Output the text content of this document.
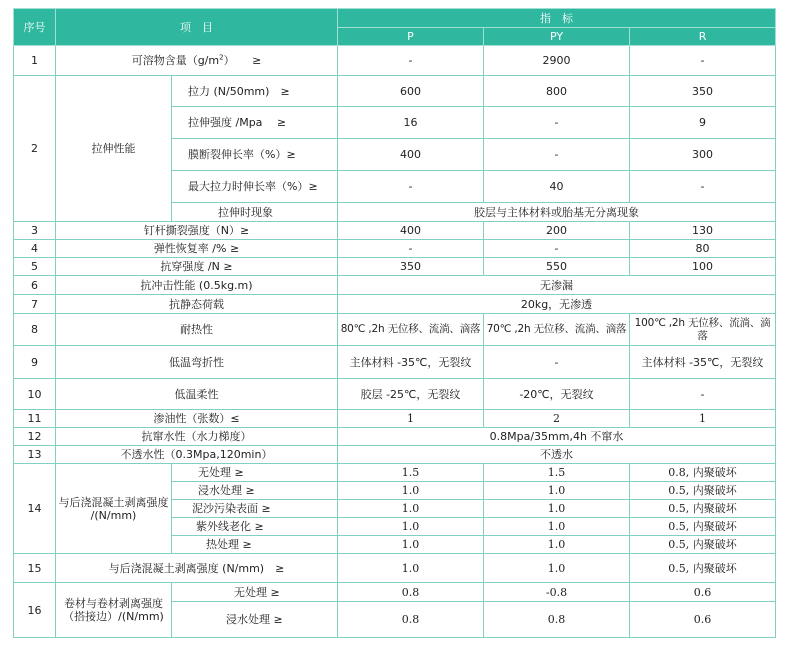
序号	项　目		指　标		
			P	PY	R
1	可溶物含量$(g/m^2)$ ≥		-	2900	-
2	拉伸性能	拉力 (N/50mm)　≥	600	800	350
		拉伸强度 /Mpa　 ≥	16	-	9
		膜断裂伸长率（%）≥	400	-	300
		最大拉力时伸长率（%）≥	-	40	-
		拉伸时现象	胶层与主体材料或胎基无分离现象		
3	钉杆撕裂强度（N）≥		400	200	130
4	弹性恢复率 /% ≥		-	-	80
5	抗穿强度 /N ≥		350	550	100
6	抗冲击性能 (0.5kg.m)		无渗漏		
7	抗静态荷载		20kg，无渗透		
8	耐热性		80℃ ,2h 无位移、流淌、滴落	70℃ ,2h 无位移、流淌、滴落	100℃ ,2h 无位移、流淌、滴落
9	低温弯折性		主体材料 -35℃，无裂纹	-	主体材料 -35℃，无裂纹
10	低温柔性		胶层 -25℃，无裂纹	-20℃，无裂纹	-
11	渗油性（张数）≤		1	2	1
12	抗窜水性（水力梯度）		0.8Mpa/35mm,4h 不窜水		
13	不透水性（0.3Mpa,120min）		不透水		
14	与后浇混凝土剥离强度 /(N/mm)	无处理 ≥	1.5	1.5	0.8, 内聚破坏
		浸水处理 ≥	1.0	1.0	0.5, 内聚破坏
		泥沙污染表面 ≥	1.0	1.0	0.5, 内聚破坏
		紫外线老化 ≥	1.0	1.0	0.5, 内聚破坏
		热处理 ≥	1.0	1.0	0.5, 内聚破坏
15	与后浇混凝土剥离强度 (N/mm)　≥		1.0	1.0	0.5, 内聚破坏
16	卷材与卷材剥离强度（搭接边）/(N/mm)	无处理 ≥	0.8	-0.8	0.6
		浸水处理 ≥	0.8	0.8	0.6
